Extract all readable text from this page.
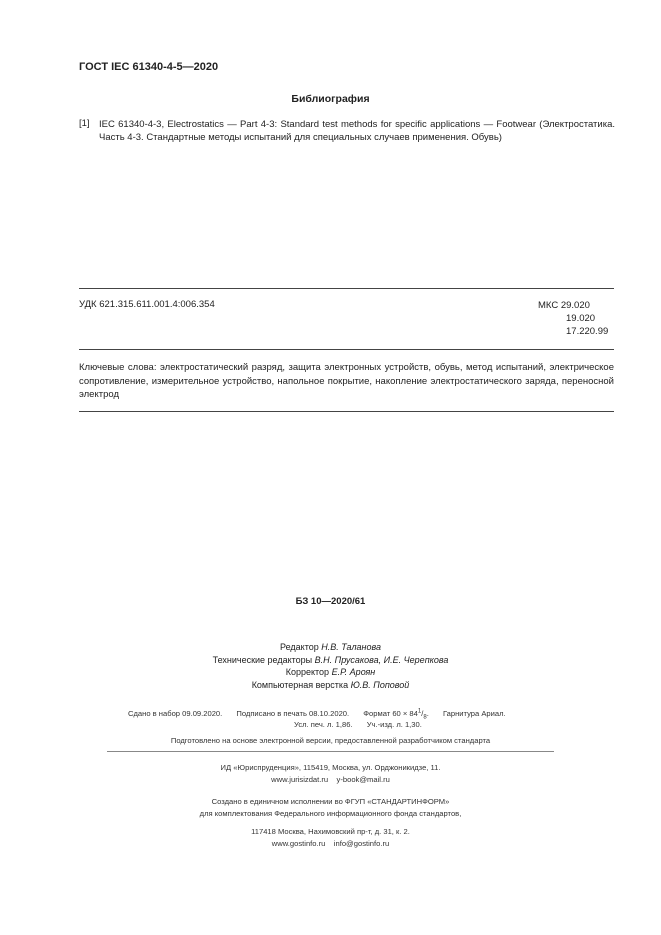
ГОСТ IEC 61340-4-5—2020
Библиография
[1] IEC 61340-4-3, Electrostatics — Part 4-3: Standard test methods for specific applications — Footwear (Электростатика. Часть 4-3. Стандартные методы испытаний для специальных случаев применения. Обувь)
УДК 621.315.611.001.4:006.354	МКС 29.020
19.020
17.220.99
Ключевые слова: электростатический разряд, защита электронных устройств, обувь, метод испытаний, электрическое сопротивление, измерительное устройство, напольное покрытие, накопление электростатического заряда, переносной электрод
БЗ 10—2020/61
Редактор Н.В. Таланова
Технические редакторы В.Н. Прусакова, И.Е. Черепкова
Корректор Е.Р. Ароян
Компьютерная верстка Ю.В. Поповой
Сдано в набор 09.09.2020. Подписано в печать 08.10.2020. Формат $60 \times 84^1/_8$. Гарнитура Ариал.
Усл. печ. л. 1,86. Уч.-изд. л. 1,30.
Подготовлено на основе электронной версии, предоставленной разработчиком стандарта
ИД «Юриспруденция», 115419, Москва, ул. Орджоникидзе, 11.
www.jurisizdat.ru    y-book@mail.ru
Создано в единичном исполнении во ФГУП «СТАНДАРТИНФОРМ»
для комплектования Федерального информационного фонда стандартов,
117418 Москва, Нахимовский пр-т, д. 31, к. 2.
www.gostinfo.ru    info@gostinfo.ru
